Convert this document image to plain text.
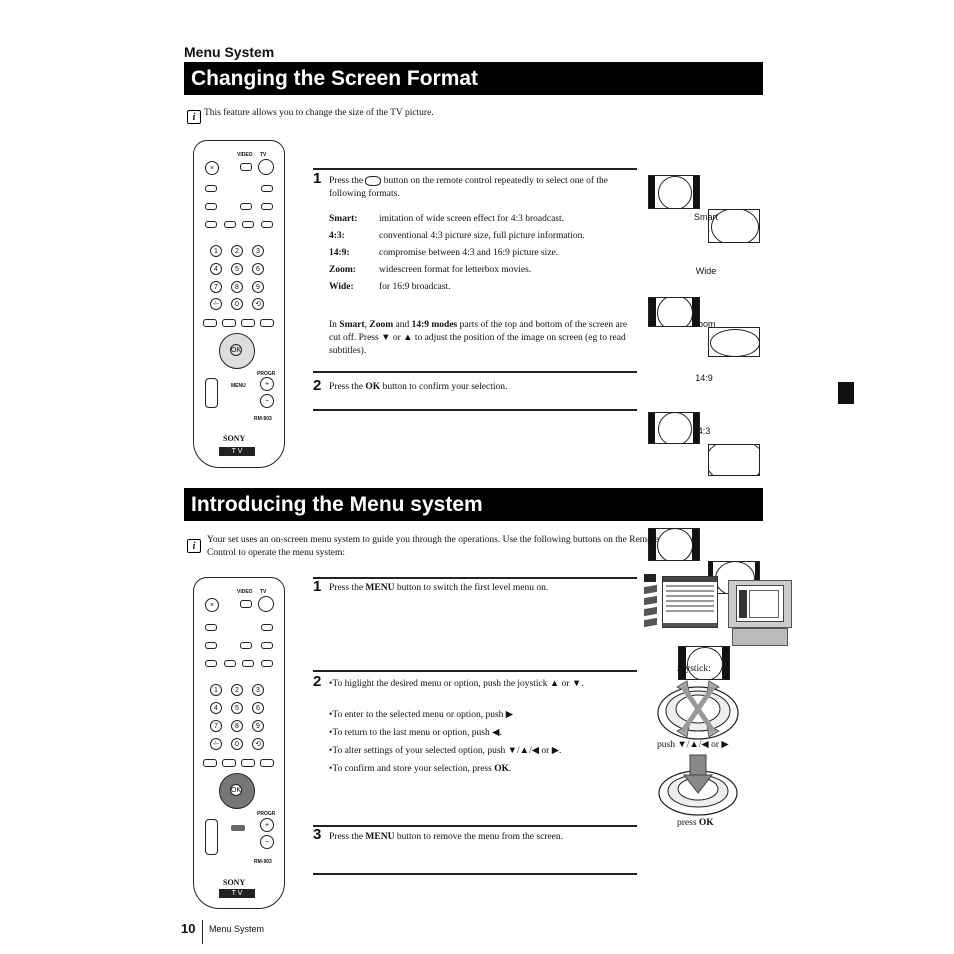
Menu System
Changing the Screen Format
i This feature allows you to change the size of the TV picture.
VIDEO TV
×
1	2	3
4	5	6
7	8	9
-/--	0	⟲
OK
PROGR
MENU	+
−
RM-903
SONY
T V
1 Press the button on the remote control repeatedly to select one of the following formats.
Smart:	imitation of wide screen effect for 4:3 broadcast.
4:3:	conventional 4:3 picture size, full picture information.
14:9:	compromise between 4:3 and 16:9 picture size.
Zoom:	widescreen format for letterbox movies.
Wide:	for 16:9 broadcast.
In Smart, Zoom and 14:9 modes parts of the top and bottom of the screen are cut off. Press ▼ or ▲ to adjust the position of the image on screen (eg to read subtitles).
2 Press the OK button to confirm your selection.
Smart
Wide
Zoom
14:9
4:3
Introducing the Menu system
i
Your set uses an on-screen menu system to guide you through the operations. Use the following buttons on the Remote Control to operate the menu system:
VIDEO TV
×
1	2	3
4	5	6
7	8	9
-/--	0	⟲
OK
PROGR
+
−
RM-903
SONY
T V
1 Press the MENU button to switch the first level menu on.
2 •To higlight the desired menu or option, push the joystick ▲ or ▼.
•To enter to the selected menu or option, push ▶
•To return to the last menu or option, push ◀.
•To alter settings of your selected option, push ▼/▲/◀ or ▶.
•To confirm and store your selection, press OK.
3 Press the MENU button to remove the menu from the screen.
Joystick:
push ▼/▲/◀ or ▶
press OK
10 Menu System
